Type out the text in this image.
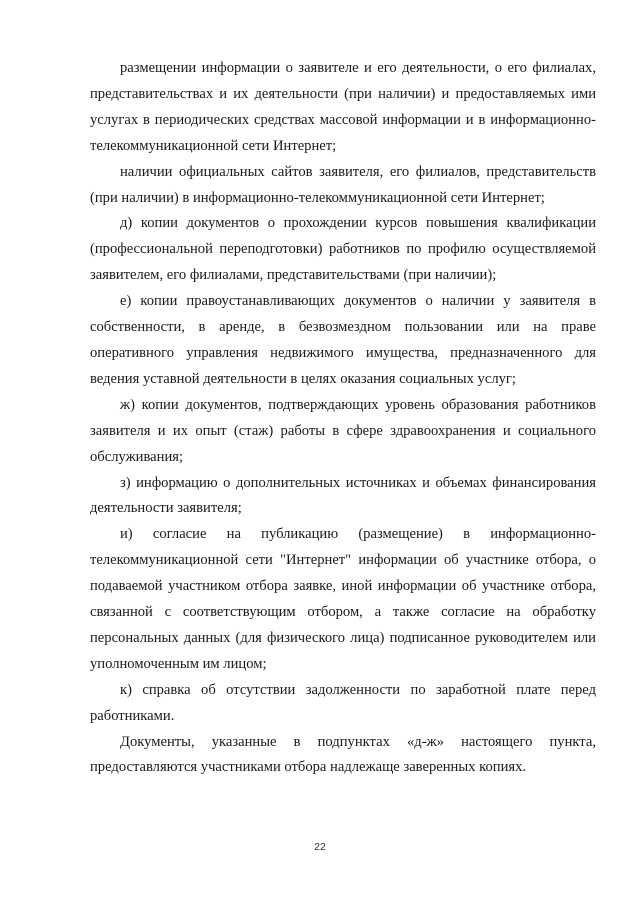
размещении информации о заявителе и его деятельности, о его филиалах, представительствах и их деятельности (при наличии) и предоставляемых ими услугах в периодических средствах массовой информации и в информационно-телекоммуникационной сети Интернет;

наличии официальных сайтов заявителя, его филиалов, представительств (при наличии) в информационно-телекоммуникационной сети Интернет;

д) копии документов о прохождении курсов повышения квалификации (профессиональной переподготовки) работников по профилю осуществляемой заявителем, его филиалами, представительствами (при наличии);

е) копии правоустанавливающих документов о наличии у заявителя в собственности, в аренде, в безвозмездном пользовании или на праве оперативного управления недвижимого имущества, предназначенного для ведения уставной деятельности в целях оказания социальных услуг;

ж) копии документов, подтверждающих уровень образования работников заявителя и их опыт (стаж) работы в сфере здравоохранения и социального обслуживания;

з) информацию о дополнительных источниках и объемах финансирования деятельности заявителя;

и) согласие на публикацию (размещение) в информационно-телекоммуникационной сети "Интернет" информации об участнике отбора, о подаваемой участником отбора заявке, иной информации об участнике отбора, связанной с соответствующим отбором, а также согласие на обработку персональных данных (для физического лица) подписанное руководителем или уполномоченным им лицом;

к) справка об отсутствии задолженности по заработной плате перед работниками.

Документы, указанные в подпунктах «д-ж» настоящего пункта, предоставляются участниками отбора надлежаще заверенных копиях.

22
